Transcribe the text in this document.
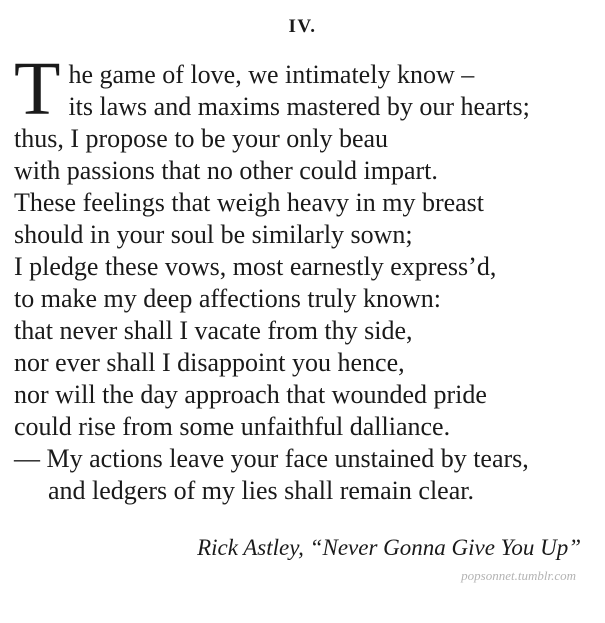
IV.
T he game of love, we intimately know –
its laws and maxims mastered by our hearts;
thus, I propose to be your only beau
with passions that no other could impart.
These feelings that weigh heavy in my breast
should in your soul be similarly sown;
I pledge these vows, most earnestly express’d,
to make my deep affections truly known:
that never shall I vacate from thy side,
nor ever shall I disappoint you hence,
nor will the day approach that wounded pride
could rise from some unfaithful dalliance.
— My actions leave your face unstained by tears,
and ledgers of my lies shall remain clear.
Rick Astley, “Never Gonna Give You Up”
popsonnet.tumblr.com
